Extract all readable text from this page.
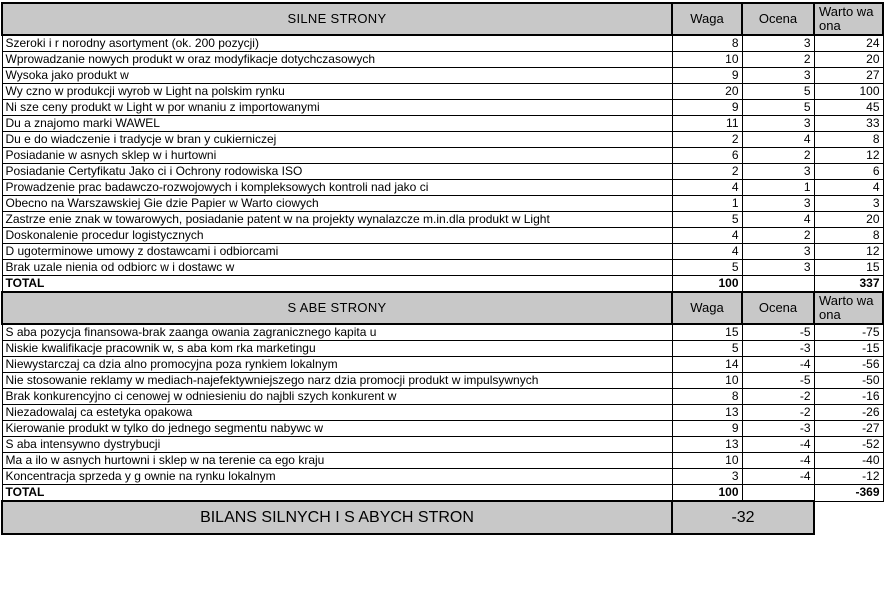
SILNE STRONY	Waga	Ocena	Warto wa ona
Szeroki i r norodny asortyment (ok. 200 pozycji)	8	3	24
Wprowadzanie nowych produkt w oraz modyfikacje dotychczasowych	10	2	20
Wysoka jako produkt w	9	3	27
Wy czno w produkcji wyrob w Light na polskim rynku	20	5	100
Ni sze ceny produkt w Light w por wnaniu z importowanymi	9	5	45
Du a znajomo marki WAWEL	11	3	33
Du e do wiadczenie i tradycje w bran y cukierniczej	2	4	8
Posiadanie w asnych sklep w i hurtowni	6	2	12
Posiadanie Certyfikatu Jako ci i Ochrony rodowiska ISO	2	3	6
Prowadzenie prac badawczo-rozwojowych i kompleksowych kontroli nad jako ci	4	1	4
Obecno na Warszawskiej Gie dzie Papier w Warto ciowych	1	3	3
Zastrze enie znak w towarowych, posiadanie patent w na projekty wynalazcze m.in.dla produkt w Light	5	4	20
Doskonalenie procedur logistycznych	4	2	8
D ugoterminowe umowy z dostawcami i odbiorcami	4	3	12
Brak uzale nienia od odbiorc w i dostawc w	5	3	15
TOTAL	100		337
S ABE STRONY	Waga	Ocena	Warto wa ona
S aba pozycja finansowa-brak zaanga owania zagranicznego kapita u	15	-5	-75
Niskie kwalifikacje pracownik w, s aba kom rka marketingu	5	-3	-15
Niewystarczaj ca dzia alno promocyjna poza rynkiem lokalnym	14	-4	-56
Nie stosowanie reklamy w mediach-najefektywniejszego narz dzia promocji produkt w impulsywnych	10	-5	-50
Brak konkurencyjno ci cenowej w odniesieniu do najbli szych konkurent w	8	-2	-16
Niezadowalaj ca estetyka opakowa	13	-2	-26
Kierowanie produkt w tylko do jednego segmentu nabywc w	9	-3	-27
S aba intensywno dystrybucji	13	-4	-52
Ma a ilo w asnych hurtowni i sklep w na terenie ca ego kraju	10	-4	-40
Koncentracja sprzeda y g ownie na rynku lokalnym	3	-4	-12
TOTAL	100		-369
BILANS SILNYCH I S ABYCH STRON	-32		
